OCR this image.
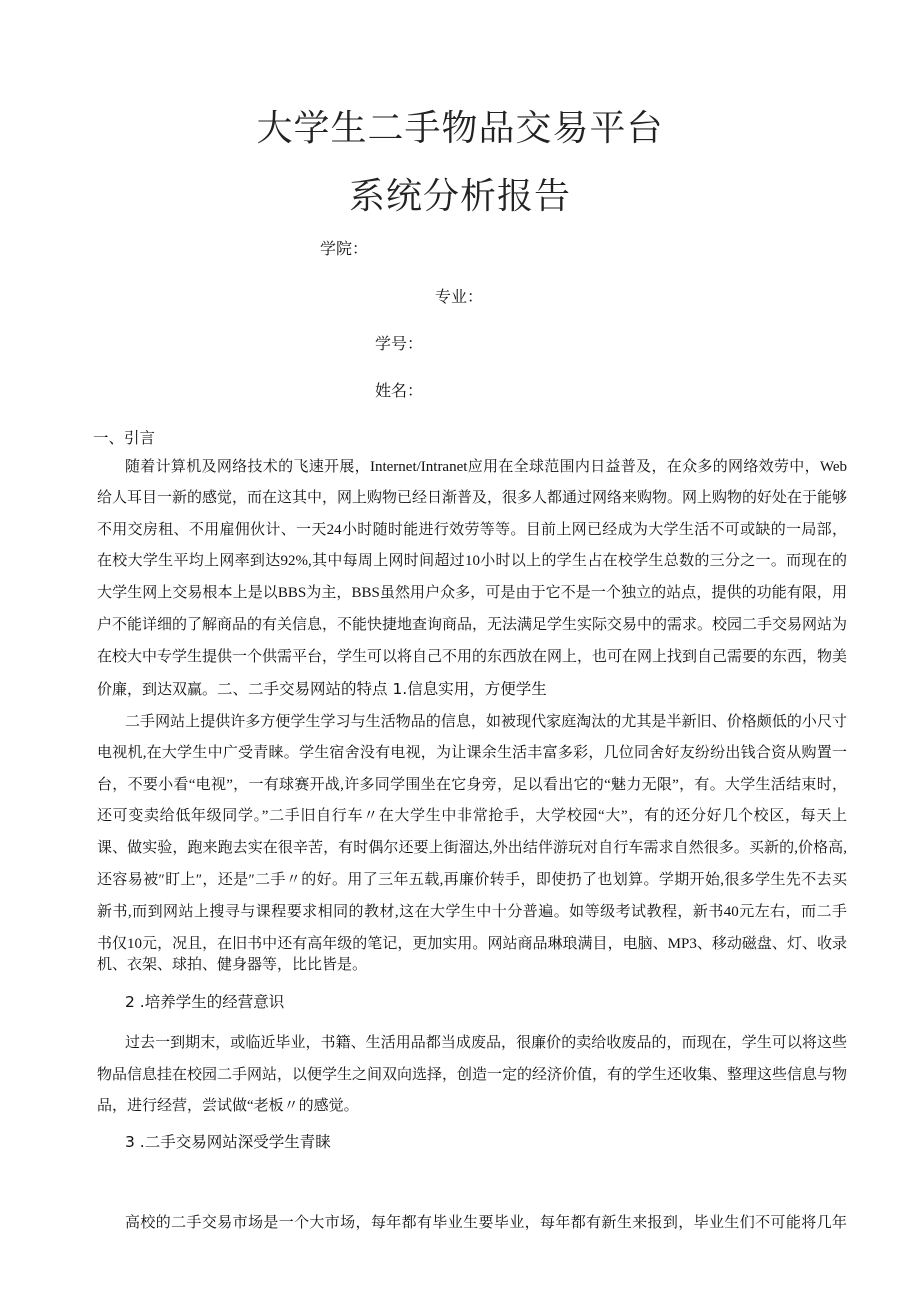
大学生二手物品交易平台
系统分析报告
学院：
专业：
学号：
姓名：
一、引言
随着计算机及网络技术的飞速开展，Internet/Intranet应用在全球范围内日益普及，在众多的网络效劳中，Web
给人耳目一新的感觉，而在这其中，网上购物已经日渐普及，很多人都通过网络来购物。网上购物的好处在于能够
不用交房租、不用雇佣伙计、一天24小时随时能进行效劳等等。目前上网已经成为大学生活不可或缺的一局部，
在校大学生平均上网率到达92%,其中每周上网时间超过10小时以上的学生占在校学生总数的三分之一。而现在的
大学生网上交易根本上是以BBS为主，BBS虽然用户众多，可是由于它不是一个独立的站点，提供的功能有限，用
户不能详细的了解商品的有关信息，不能快捷地查询商品，无法满足学生实际交易中的需求。校园二手交易网站为
在校大中专学生提供一个供需平台，学生可以将自己不用的东西放在网上，也可在网上找到自己需要的东西，物美
价廉，到达双赢。二、二手交易网站的特点 1.信息实用，方便学生
二手网站上提供许多方便学生学习与生活物品的信息，如被现代家庭淘汰的尤其是半新旧、价格颇低的小尺寸
电视机,在大学生中广受青睐。学生宿舍没有电视，为让课余生活丰富多彩，几位同舍好友纷纷出钱合资从购置一
台，不要小看“电视”，一有球赛开战,许多同学围坐在它身旁，足以看出它的“魅力无限”，有。大学生活结束时，
还可变卖给低年级同学。”二手旧自行车〃在大学生中非常抢手，大学校园“大”，有的还分好几个校区，每天上
课、做实验，跑来跑去实在很辛苦，有时偶尔还要上街溜达,外出结伴游玩对自行车需求自然很多。买新的,价格高,
还容易被″盯上″，还是″二手〃的好。用了三年五载,再廉价转手，即使扔了也划算。学期开始,很多学生先不去买
新书,而到网站上搜寻与课程要求相同的教材,这在大学生中十分普遍。如等级考试教程，新书40元左右，而二手
书仅10元，况且，在旧书中还有高年级的笔记，更加实用。网站商品琳琅满目，电脑、MP3、移动磁盘、灯、收录
机、衣架、球拍、健身器等，比比皆是。
2 .培养学生的经营意识
过去一到期末，或临近毕业，书籍、生活用品都当成废品，很廉价的卖给收废品的，而现在，学生可以将这些
物品信息挂在校园二手网站，以便学生之间双向选择，创造一定的经济价值，有的学生还收集、整理这些信息与物
品，进行经营，尝试做“老板〃的感觉。
3 .二手交易网站深受学生青睐
高校的二手交易市场是一个大市场，每年都有毕业生要毕业，每年都有新生来报到，毕业生们不可能将几年
